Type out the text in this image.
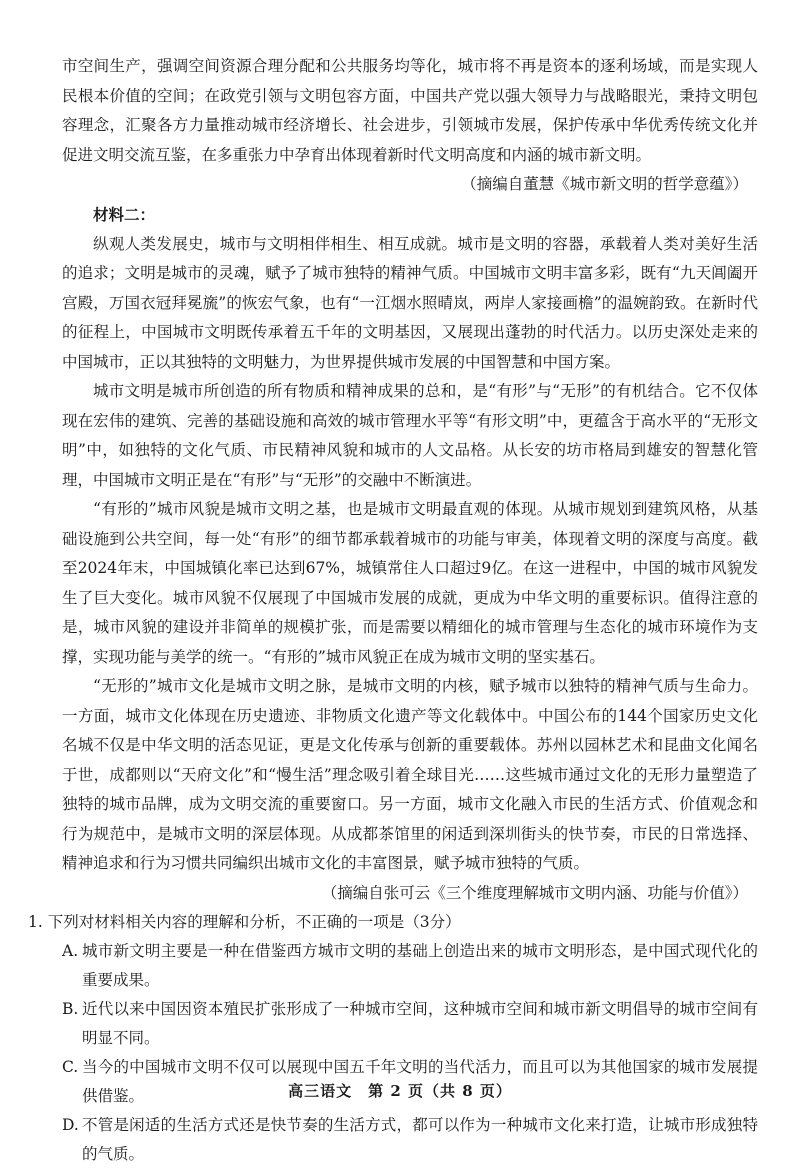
市空间生产，强调空间资源合理分配和公共服务均等化，城市将不再是资本的逐利场域，而是实现人民根本价值的空间；在政党引领与文明包容方面，中国共产党以强大领导力与战略眼光，秉持文明包容理念，汇聚各方力量推动城市经济增长、社会进步，引领城市发展，保护传承中华优秀传统文化并促进文明交流互鉴，在多重张力中孕育出体现着新时代文明高度和内涵的城市新文明。

（摘编自董慧《城市新文明的哲学意蕴》）

材料二：

纵观人类发展史，城市与文明相伴相生、相互成就。城市是文明的容器，承载着人类对美好生活的追求；文明是城市的灵魂，赋予了城市独特的精神气质。中国城市文明丰富多彩，既有“九天阊阖开宫殿，万国衣冠拜冕旒”的恢宏气象，也有“一江烟水照晴岚，两岸人家接画檐”的温婉韵致。在新时代的征程上，中国城市文明既传承着五千年的文明基因，又展现出蓬勃的时代活力。以历史深处走来的中国城市，正以其独特的文明魅力，为世界提供城市发展的中国智慧和中国方案。

城市文明是城市所创造的所有物质和精神成果的总和，是“有形”与“无形”的有机结合。它不仅体现在宏伟的建筑、完善的基础设施和高效的城市管理水平等“有形文明”中，更蕴含于高水平的“无形文明”中，如独特的文化气质、市民精神风貌和城市的人文品格。从长安的坊市格局到雄安的智慧化管理，中国城市文明正是在“有形”与“无形”的交融中不断演进。

“有形的”城市风貌是城市文明之基，也是城市文明最直观的体现。从城市规划到建筑风格，从基础设施到公共空间，每一处“有形”的细节都承载着城市的功能与审美，体现着文明的深度与高度。截至2024年末，中国城镇化率已达到67%，城镇常住人口超过9亿。在这一进程中，中国的城市风貌发生了巨大变化。城市风貌不仅展现了中国城市发展的成就，更成为中华文明的重要标识。值得注意的是，城市风貌的建设并非简单的规模扩张，而是需要以精细化的城市管理与生态化的城市环境作为支撑，实现功能与美学的统一。“有形的”城市风貌正在成为城市文明的坚实基石。

“无形的”城市文化是城市文明之脉，是城市文明的内核，赋予城市以独特的精神气质与生命力。一方面，城市文化体现在历史遗迹、非物质文化遗产等文化载体中。中国公布的144个国家历史文化名城不仅是中华文明的活态见证，更是文化传承与创新的重要载体。苏州以园林艺术和昆曲文化闻名于世，成都则以“天府文化”和“慢生活”理念吸引着全球目光……这些城市通过文化的无形力量塑造了独特的城市品牌，成为文明交流的重要窗口。另一方面，城市文化融入市民的生活方式、价值观念和行为规范中，是城市文明的深层体现。从成都茶馆里的闲适到深圳街头的快节奏，市民的日常选择、精神追求和行为习惯共同编织出城市文化的丰富图景，赋予城市独特的气质。

（摘编自张可云《三个维度理解城市文明内涵、功能与价值》）

1. 下列对材料相关内容的理解和分析，不正确的一项是（3分）

A. 城市新文明主要是一种在借鉴西方城市文明的基础上创造出来的城市文明形态，是中国式现代化的重要成果。
B. 近代以来中国因资本殖民扩张形成了一种城市空间，这种城市空间和城市新文明倡导的城市空间有明显不同。
C. 当今的中国城市文明不仅可以展现中国五千年文明的当代活力，而且可以为其他国家的城市发展提供借鉴。
D. 不管是闲适的生活方式还是快节奏的生活方式，都可以作为一种城市文化来打造，让城市形成独特的气质。
高三语文　第 2 页（共 8 页）
